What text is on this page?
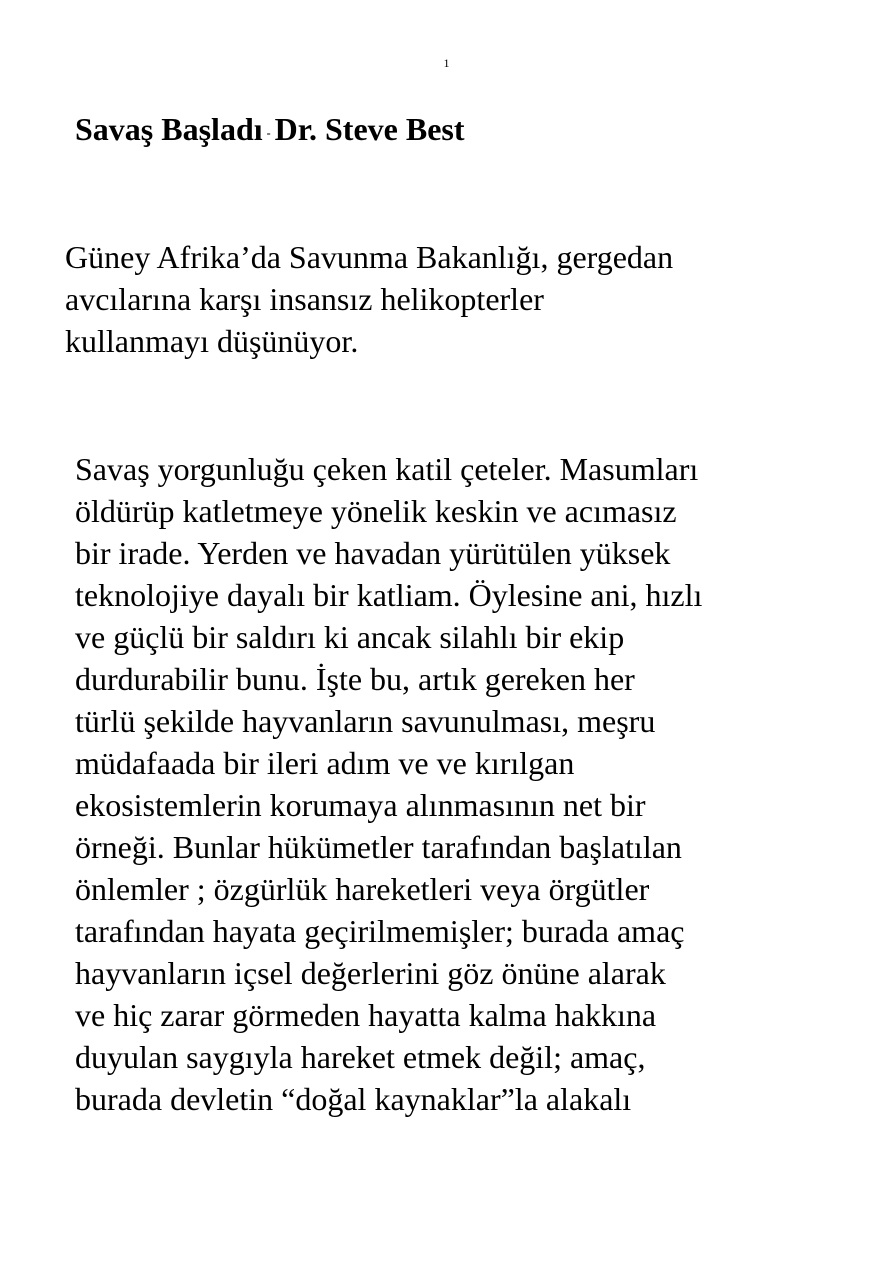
1
Savaş Başladı - Dr. Steve Best

Güney Afrika’da Savunma Bakanlığı, gergedan
avcılarına karşı insansız helikopterler
kullanmayı düşünüyor.

Savaş yorgunluğu çeken katil çeteler. Masumları
öldürüp katletmeye yönelik keskin ve acımasız
bir irade. Yerden ve havadan yürütülen yüksek
teknolojiye dayalı bir katliam. Öylesine ani, hızlı
ve güçlü bir saldırı ki ancak silahlı bir ekip
durdurabilir bunu. İşte bu, artık gereken her
türlü şekilde hayvanların savunulması, meşru
müdafaada bir ileri adım ve ve kırılgan
ekosistemlerin korumaya alınmasının net bir
örneği. Bunlar hükümetler tarafından başlatılan
önlemler ; özgürlük hareketleri veya örgütler
tarafından hayata geçirilmemişler; burada amaç
hayvanların içsel değerlerini göz önüne alarak
ve hiç zarar görmeden hayatta kalma hakkına
duyulan saygıyla hareket etmek değil; amaç,
burada devletin “doğal kaynaklar”la alakalı
